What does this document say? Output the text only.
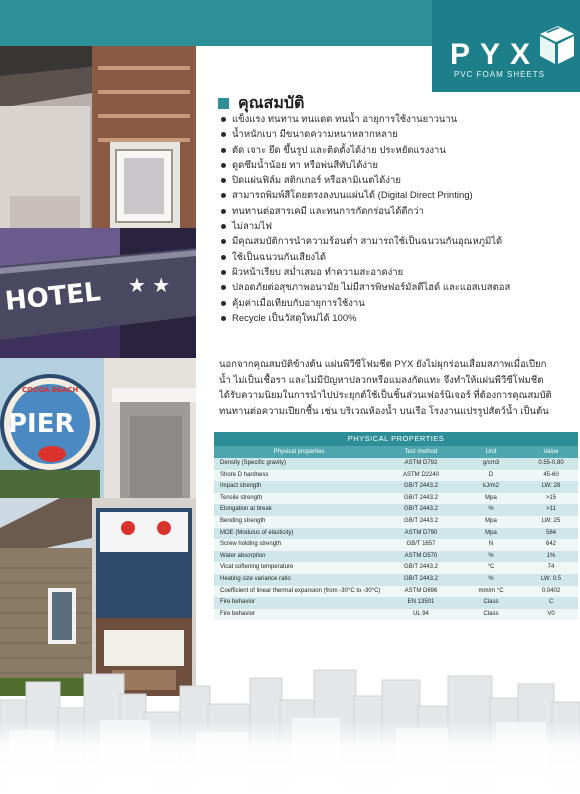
PYX
PVC FOAM SHEETS
HOTEL ★ ★
COCOA BEACH
PIER
คุณสมบัติ
แข็งแรง ทนทาน ทนแดด ทนน้ำ อายุการใช้งานยาวนาน
น้ำหนักเบา มีขนาดความหนาหลากหลาย
ตัด เจาะ ยึด ขึ้นรูป และติดตั้งได้ง่าย ประหยัดแรงงาน
ดูดซึมน้ำน้อย ทา หรือพ่นสีทับได้ง่าย
ปิดแผ่นฟิล์ม สติกเกอร์ หรือลามิเนตได้ง่าย
สามารถพิมพ์สีโดยตรงลงบนแผ่นได้ (Digital Direct Printing)
ทนทานต่อสารเคมี และทนการกัดกร่อนได้ดีกว่า
ไม่ลามไฟ
มีคุณสมบัติการนำความร้อนต่ำ สามารถใช้เป็นฉนวนกันอุณหภูมิได้
ใช้เป็นฉนวนกันเสียงได้
ผิวหน้าเรียบ สม่ำเสมอ ทำความสะอาดง่าย
ปลอดภัยต่อสุขภาพอนามัย ไม่มีสารพิษฟอร์มัลดีไฮด์ และแอสเบสตอส
คุ้มค่าเมื่อเทียบกับอายุการใช้งาน
Recycle เป็นวัสดุใหม่ได้ 100%
นอกจากคุณสมบัติข้างต้น แผ่นพีวีซีโฟมชีต PYX ยังไม่ผุกร่อนเสื่อมสภาพเมื่อเปียก
น้ำ ไม่เป็นเชื้อรา และไม่มีปัญหาปลวกหรือแมลงกัดแทะ จึงทำให้แผ่นพีวีซีโฟมชีต
ได้รับความนิยมในการนำไปประยุกต์ใช้เป็นชิ้นส่วนเฟอร์นิเจอร์ ที่ต้องการคุณสมบัติ
ทนทานต่อความเปียกชื้น เช่น บริเวณห้องน้ำ บนเรือ โรงงานแปรรูปสัตว์น้ำ เป็นต้น
PHYSICAL PROPERTIES
Physical properties	Test method	Unit	Value
Density (Specific gravity)	ASTM D792	g/cm3	0.55-0.80
Shore D hardness	ASTM D2240	D	45-60
Impact strength	GB/T 2443.2	kJ/m2	LW: 28
Tensile strength	GB/T 2443.2	Mpa	>15
Elongation at break	GB/T 2443.2	%	>11
Bending strength	GB/T 2443.2	Mpa	LW: 25
MOE (Modulus of elasticity)	ASTM D790	Mpa	584
Screw holding strength	GB/T 1657	N	642
Water absorption	ASTM D570	%	1%
Vicat softening temperature	GB/T 2443.2	°C	74
Heating size variance ratio	GB/T 2443.2	%	LW: 0.5
Coefficient of linear thermal expansion (from -30°C to -30°C)	ASTM D696	mm/m °C	0.0402
Fire behavior	EN 13501	Class	C
Fire behavior	UL 94	Class	V0
